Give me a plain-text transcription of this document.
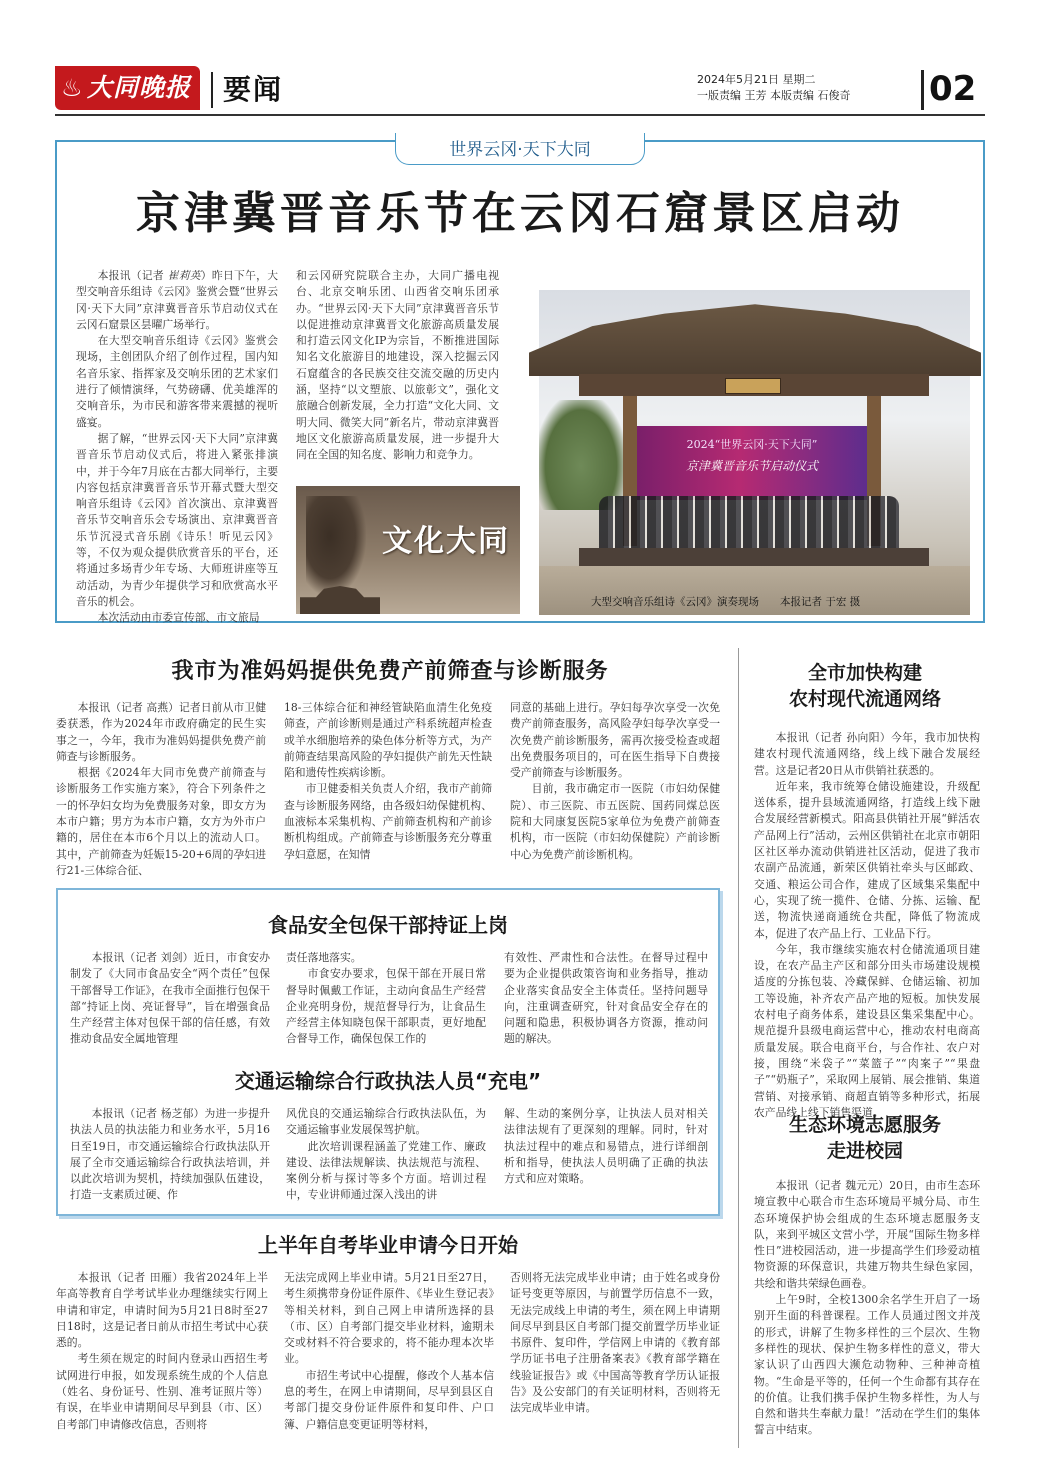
♨ 大同晚报 要闻	2024年5月21日 星期二
一版责编 王芳 本版责编 石俊奇 02
世界云冈·天下大同
京津冀晋音乐节在云冈石窟景区启动

本报讯（记者 崔莉英）昨日下午，大型交响音乐组诗《云冈》鉴赏会暨“世界云冈·天下大同”京津冀晋音乐节启动仪式在云冈石窟景区昙曜广场举行。

在大型交响音乐组诗《云冈》鉴赏会现场，主创团队介绍了创作过程，国内知名音乐家、指挥家及交响乐团的艺术家们进行了倾情演绎，气势磅礴、优美雄浑的交响音乐，为市民和游客带来震撼的视听盛宴。

据了解，“世界云冈·天下大同”京津冀晋音乐节启动仪式后，将进入紧张排演中，并于今年7月底在古都大同举行，主要内容包括京津冀晋音乐节开幕式暨大型交响音乐组诗《云冈》首次演出、京津冀晋音乐节交响音乐会专场演出、京津冀晋音乐节沉浸式音乐剧《诗乐！听见云冈》等，不仅为观众提供欣赏音乐的平台，还将通过多场青少年专场、大师班讲座等互动活动，为青少年提供学习和欣赏高水平音乐的机会。

本次活动由市委宣传部、市文旅局

和云冈研究院联合主办，大同广播电视台、北京交响乐团、山西省交响乐团承办。“世界云冈·天下大同”京津冀晋音乐节以促进推动京津冀晋文化旅游高质量发展和打造云冈文化IP为宗旨，不断推进国际知名文化旅游目的地建设，深入挖掘云冈石窟蕴含的各民族交往交流交融的历史内涵，坚持“以文塑旅、以旅彰文”，强化文旅融合创新发展，全力打造“文化大同、文明大同、微笑大同”新名片，带动京津冀晋地区文化旅游高质量发展，进一步提升大同在全国的知名度、影响力和竞争力。

文化大同
2024“世界云冈·天下大同”
京津冀晋音乐节启动仪式
大型交响音乐组诗《云冈》演奏现场　　本报记者 于宏 摄
我市为准妈妈提供免费产前筛查与诊断服务

本报讯（记者 高燕）记者日前从市卫健委获悉，作为2024年市政府确定的民生实事之一，今年，我市为准妈妈提供免费产前筛查与诊断服务。

根据《2024年大同市免费产前筛查与诊断服务工作实施方案》，符合下列条件之一的怀孕妇女均为免费服务对象，即女方为本市户籍；男方为本市户籍，女方为外市户籍的，居住在本市6个月以上的流动人口。其中，产前筛查为妊娠15-20+6周的孕妇进行21-三体综合征、

18-三体综合征和神经管缺陷血清生化免疫筛查，产前诊断则是通过产科系统超声检查或羊水细胞培养的染色体分析等方式，为产前筛查结果高风险的孕妇提供产前先天性缺陷和遗传性疾病诊断。

市卫健委相关负责人介绍，我市产前筛查与诊断服务网络，由各级妇幼保健机构、血液标本采集机构、产前筛查机构和产前诊断机构组成。产前筛查与诊断服务充分尊重孕妇意愿，在知情

同意的基础上进行。孕妇每孕次享受一次免费产前筛查服务，高风险孕妇每孕次享受一次免费产前诊断服务，需再次接受检查或超出免费服务项目的，可在医生指导下自费接受产前筛查与诊断服务。

目前，我市确定市一医院（市妇幼保健院）、市三医院、市五医院、国药同煤总医院和大同康复医院5家单位为免费产前筛查机构，市一医院（市妇幼保健院）产前诊断中心为免费产前诊断机构。

食品安全包保干部持证上岗

本报讯（记者 刘剑）近日，市食安办制发了《大同市食品安全“两个责任”包保干部督导工作证》，在我市全面推行包保干部“持证上岗、亮证督导”，旨在增强食品生产经营主体对包保干部的信任感，有效推动食品安全属地管理

责任落地落实。

市食安办要求，包保干部在开展日常督导时佩戴工作证，主动向食品生产经营企业亮明身份，规范督导行为，让食品生产经营主体知晓包保干部职责，更好地配合督导工作，确保包保工作的

有效性、严肃性和合法性。在督导过程中要为企业提供政策咨询和业务指导，推动企业落实食品安全主体责任。坚持问题导向，注重调查研究，针对食品安全存在的问题和隐患，积极协调各方资源，推动问题的解决。

交通运输综合行政执法人员“充电”

本报讯（记者 杨芝郁）为进一步提升执法人员的执法能力和业务水平，5月16日至19日，市交通运输综合行政执法队开展了全市交通运输综合行政执法培训，并以此次培训为契机，持续加强队伍建设，打造一支素质过硬、作

风优良的交通运输综合行政执法队伍，为交通运输事业发展保驾护航。

此次培训课程涵盖了党建工作、廉政建设、法律法规解读、执法规范与流程、案例分析与探讨等多个方面。培训过程中，专业讲师通过深入浅出的讲

解、生动的案例分享，让执法人员对相关法律法规有了更深刻的理解。同时，针对执法过程中的难点和易错点，进行详细剖析和指导，使执法人员明确了正确的执法方式和应对策略。

上半年自考毕业申请今日开始

本报讯（记者 田雁）我省2024年上半年高等教育自学考试毕业办理继续实行网上申请和审定，申请时间为5月21日8时至27日18时，这是记者日前从市招生考试中心获悉的。

考生须在规定的时间内登录山西招生考试网进行申报，如发现系统生成的个人信息（姓名、身份证号、性别、准考证照片等）有误，在毕业申请期间尽早到县（市、区）自考部门申请修改信息，否则将

无法完成网上毕业申请。5月21日至27日，考生须携带身份证件原件、《毕业生登记表》等相关材料，到自己网上申请所选择的县（市、区）自考部门提交毕业材料，逾期未交或材料不符合要求的，将不能办理本次毕业。

市招生考试中心提醒，修改个人基本信息的考生，在网上申请期间，尽早到县区自考部门提交身份证件原件和复印件、户口簿、户籍信息变更证明等材料，

否则将无法完成毕业申请；由于姓名或身份证号变更等原因，与前置学历信息不一致，无法完成线上申请的考生，须在网上申请期间尽早到县区自考部门提交前置学历毕业证书原件、复印件，学信网上申请的《教育部学历证书电子注册备案表》《教育部学籍在线验证报告》或《中国高等教育学历认证报告》及公安部门的有关证明材料，否则将无法完成毕业申请。

全市加快构建
农村现代流通网络

本报讯（记者 孙向阳）今年，我市加快构建农村现代流通网络，线上线下融合发展经营。这是记者20日从市供销社获悉的。

近年来，我市统筹仓储设施建设，升级配送体系，提升县域流通网络，打造线上线下融合发展经营新模式。阳高县供销社开展“鲜活农产品网上行”活动，云州区供销社在北京市朝阳区社区举办流动供销进社区活动，促进了我市农副产品流通，新荣区供销社牵头与区邮政、交通、粮运公司合作，建成了区域集采集配中心，实现了统一揽件、仓储、分拣、运输、配送，物流快递商通统仓共配，降低了物流成本，促进了农产品上行、工业品下行。

今年，我市继续实施农村仓储流通项目建设，在农产品主产区和部分田头市场建设规模适度的分拣包装、冷藏保鲜、仓储运输、初加工等设施，补齐农产品产地的短板。加快发展农村电子商务体系，建设县区集采集配中心。规范提升县级电商运营中心，推动农村电商高质量发展。联合电商平台，与合作社、农户对接，围绕“米袋子”“菜篮子”“肉案子”“果盘子”“奶瓶子”，采取网上展销、展会推销、集道营销、对接承销、商超直销等多种形式，拓展农产品线上线下销售渠道。

生态环境志愿服务
走进校园

本报讯（记者 魏元元）20日，由市生态环境宣教中心联合市生态环境局平城分局、市生态环境保护协会组成的生态环境志愿服务支队，来到平城区文营小学，开展“国际生物多样性日”进校园活动，进一步提高学生们珍爱动植物资源的环保意识，共建万物共生绿色家园，共绘和谐共荣绿色画卷。

上午9时，全校1300余名学生开启了一场别开生面的科普课程。工作人员通过图文并茂的形式，讲解了生物多样性的三个层次、生物多样性的现状、保护生物多样性的意义，带大家认识了山西四大濒危动物种、三种神奇植物。“生命是平等的，任何一个生命都有其存在的价值。让我们携手保护生物多样性，为人与自然和谐共生奉献力量！”活动在学生们的集体誓言中结束。
